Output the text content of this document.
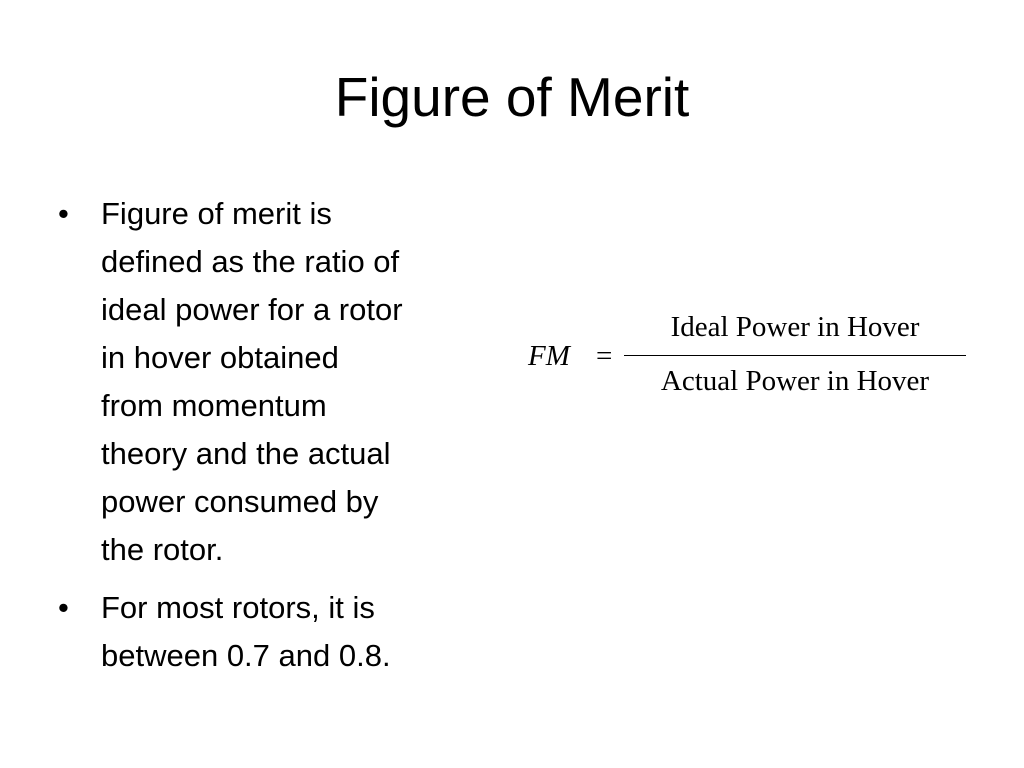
Figure of Merit
•	Figure of merit is
defined as the ratio of
ideal power for a rotor
in hover obtained
from momentum
theory and the actual
power consumed by
the rotor.
•	For most rotors, it is
between 0.7 and 0.8.
FM =
Ideal Power in Hover
Actual Power in Hover
